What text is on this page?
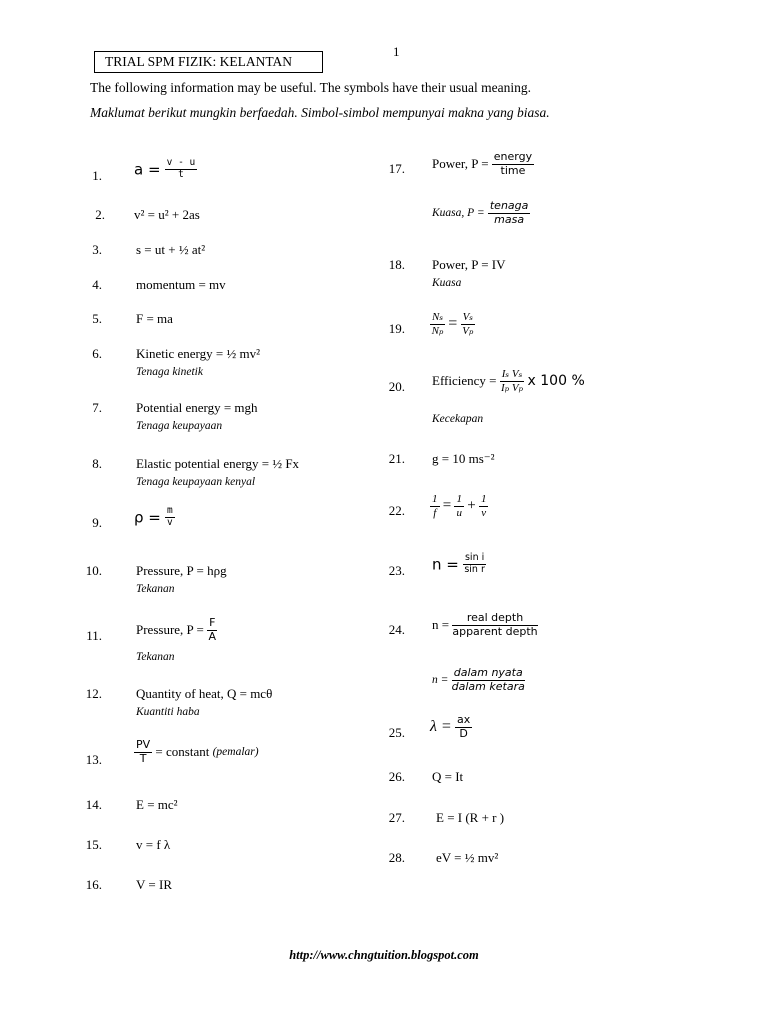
1
TRIAL SPM FIZIK: KELANTAN
The following information may be useful. The symbols have their usual meaning.
Maklumat berikut mungkin berfaedah. Simbol-simbol mempunyai makna yang biasa.
1. $a = \frac{v - u}{t}$
2. v² = u² + 2as
3.	s = ut + ½ at²
4.	momentum = mv
5.	F = ma
6.	Kinetic energy = ½ mv²
Tenaga kinetik
7.	Potential energy = mgh
Tenaga keupayaan
8.	Elastic potential energy = ½ Fx
Tenaga keupayaan kenyal
9. $\rho = \frac{m}{v}$
10.	Pressure, P = hρg
Tekanan
11.	Pressure, $P = \frac{F}{A}$
Tekanan
12.	Quantity of heat, Q = mcθ
Kuantiti haba
13.	$\frac{PV}{T}$ = constant (pemalar)
14.	E = mc²
15.	v = f λ
16.	V = IR
17. Power, $P = \frac{\text{energy}}{\text{time}}$
Kuasa, $P = \frac{\text{tenaga}}{\text{masa}}$
18. Power, P = IV
Kuasa
19. $\frac{\text{Nₛ}}{\text{Nₚ}} = \frac{\text{Vₛ}}{\text{Vₚ}}$
20. Efficiency = $\frac{\text{Iₛ Vₛ}}{\text{Iₚ Vₚ}}$ x 100 %
Kecekapan
21. g = 10 ms⁻²
22. $\frac{1}{f} = \frac{1}{u} + \frac{1}{v}$
23. $n = \frac{\text{sin i}}{\text{sin r}}$
24. $n = \frac{\text{real depth}}{\text{apparent depth}}$
$n = \frac{\text{dalam nyata}}{\text{dalam ketara}}$
25. $\lambda = \frac{ax}{D}$
26. Q = It
27. E = I (R + r )
28. eV = ½ mv²
http://www.chngtuition.blogspot.com
